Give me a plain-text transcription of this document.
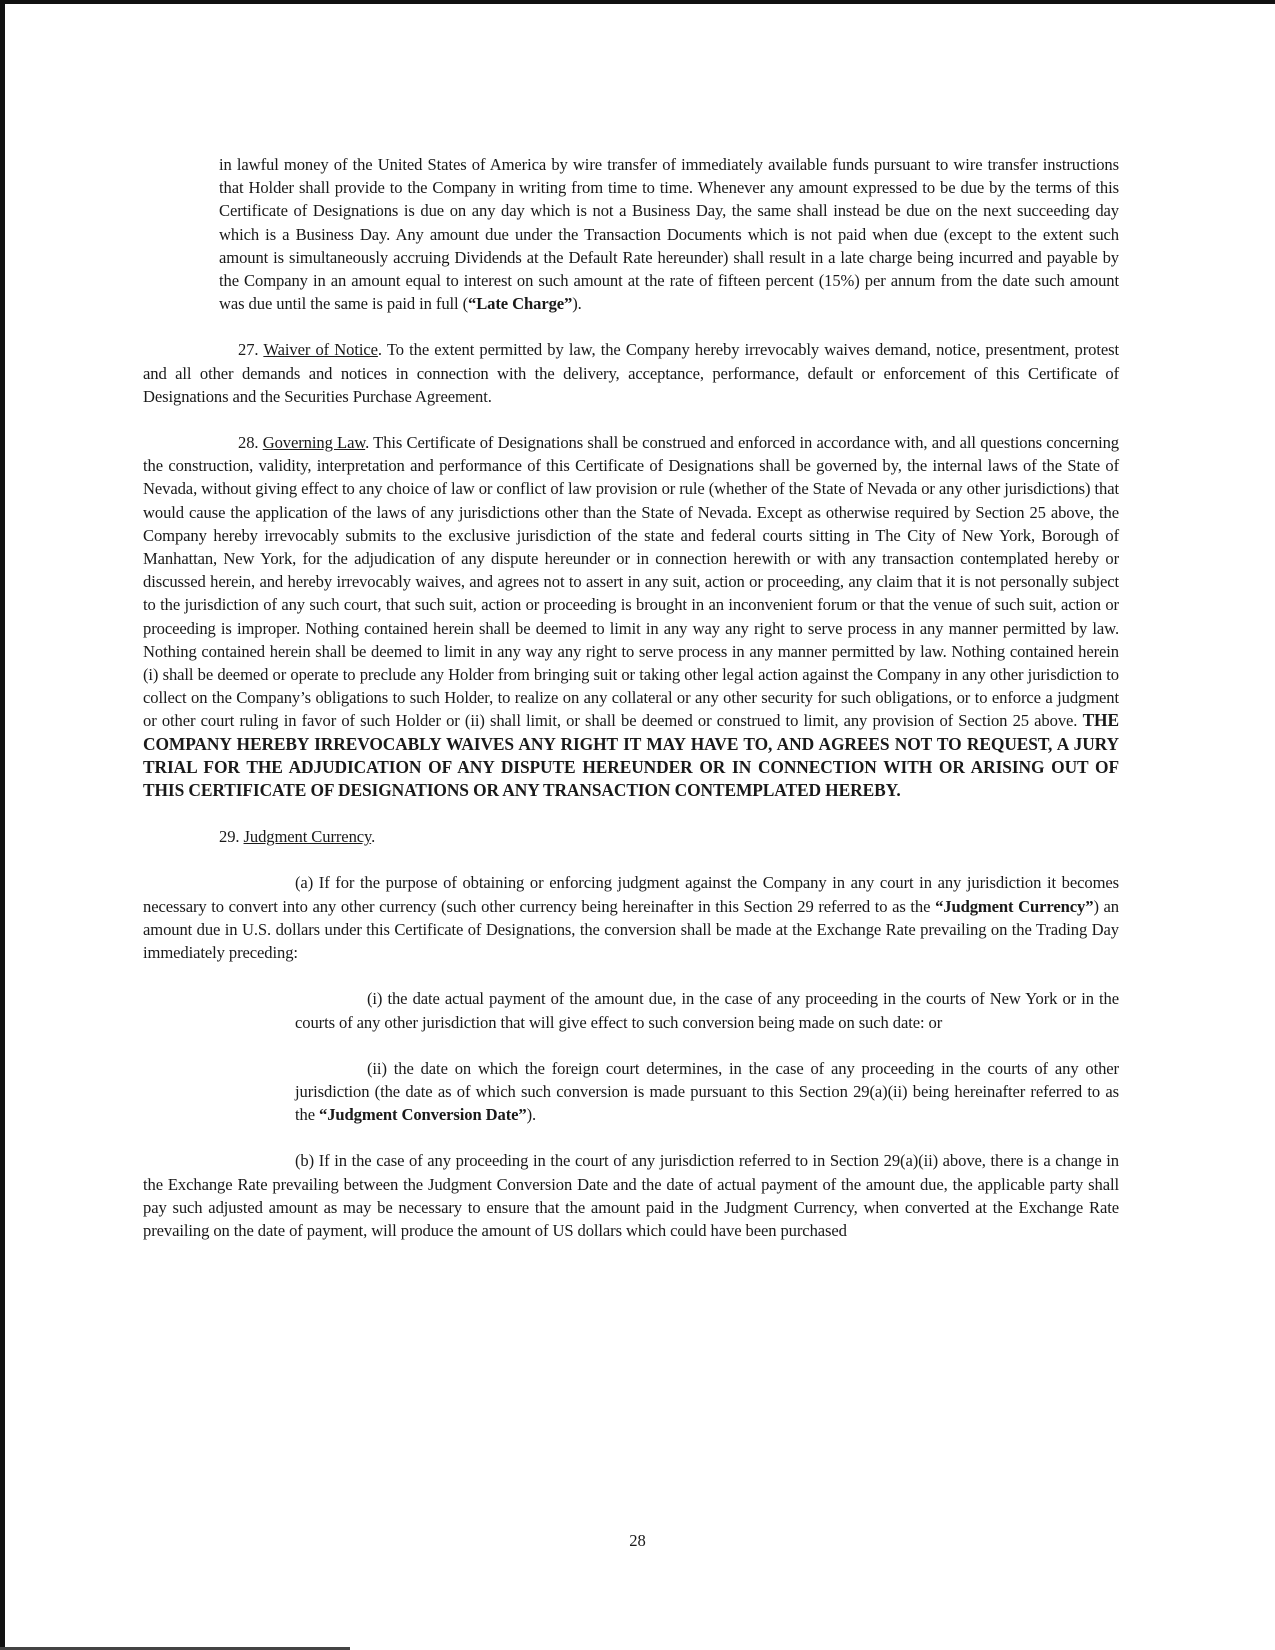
in lawful money of the United States of America by wire transfer of immediately available funds pursuant to wire transfer instructions that Holder shall provide to the Company in writing from time to time. Whenever any amount expressed to be due by the terms of this Certificate of Designations is due on any day which is not a Business Day, the same shall instead be due on the next succeeding day which is a Business Day. Any amount due under the Transaction Documents which is not paid when due (except to the extent such amount is simultaneously accruing Dividends at the Default Rate hereunder) shall result in a late charge being incurred and payable by the Company in an amount equal to interest on such amount at the rate of fifteen percent (15%) per annum from the date such amount was due until the same is paid in full (“Late Charge”).

27. Waiver of Notice. To the extent permitted by law, the Company hereby irrevocably waives demand, notice, presentment, protest and all other demands and notices in connection with the delivery, acceptance, performance, default or enforcement of this Certificate of Designations and the Securities Purchase Agreement.

28. Governing Law. This Certificate of Designations shall be construed and enforced in accordance with, and all questions concerning the construction, validity, interpretation and performance of this Certificate of Designations shall be governed by, the internal laws of the State of Nevada, without giving effect to any choice of law or conflict of law provision or rule (whether of the State of Nevada or any other jurisdictions) that would cause the application of the laws of any jurisdictions other than the State of Nevada. Except as otherwise required by Section 25 above, the Company hereby irrevocably submits to the exclusive jurisdiction of the state and federal courts sitting in The City of New York, Borough of Manhattan, New York, for the adjudication of any dispute hereunder or in connection herewith or with any transaction contemplated hereby or discussed herein, and hereby irrevocably waives, and agrees not to assert in any suit, action or proceeding, any claim that it is not personally subject to the jurisdiction of any such court, that such suit, action or proceeding is brought in an inconvenient forum or that the venue of such suit, action or proceeding is improper. Nothing contained herein shall be deemed to limit in any way any right to serve process in any manner permitted by law. Nothing contained herein shall be deemed to limit in any way any right to serve process in any manner permitted by law. Nothing contained herein (i) shall be deemed or operate to preclude any Holder from bringing suit or taking other legal action against the Company in any other jurisdiction to collect on the Company’s obligations to such Holder, to realize on any collateral or any other security for such obligations, or to enforce a judgment or other court ruling in favor of such Holder or (ii) shall limit, or shall be deemed or construed to limit, any provision of Section 25 above. THE COMPANY HEREBY IRREVOCABLY WAIVES ANY RIGHT IT MAY HAVE TO, AND AGREES NOT TO REQUEST, A JURY TRIAL FOR THE ADJUDICATION OF ANY DISPUTE HEREUNDER OR IN CONNECTION WITH OR ARISING OUT OF THIS CERTIFICATE OF DESIGNATIONS OR ANY TRANSACTION CONTEMPLATED HEREBY.

29. Judgment Currency.

(a) If for the purpose of obtaining or enforcing judgment against the Company in any court in any jurisdiction it becomes necessary to convert into any other currency (such other currency being hereinafter in this Section 29 referred to as the “Judgment Currency”) an amount due in U.S. dollars under this Certificate of Designations, the conversion shall be made at the Exchange Rate prevailing on the Trading Day immediately preceding:

(i) the date actual payment of the amount due, in the case of any proceeding in the courts of New York or in the courts of any other jurisdiction that will give effect to such conversion being made on such date: or

(ii) the date on which the foreign court determines, in the case of any proceeding in the courts of any other jurisdiction (the date as of which such conversion is made pursuant to this Section 29(a)(ii) being hereinafter referred to as the “Judgment Conversion Date”).

(b) If in the case of any proceeding in the court of any jurisdiction referred to in Section 29(a)(ii) above, there is a change in the Exchange Rate prevailing between the Judgment Conversion Date and the date of actual payment of the amount due, the applicable party shall pay such adjusted amount as may be necessary to ensure that the amount paid in the Judgment Currency, when converted at the Exchange Rate prevailing on the date of payment, will produce the amount of US dollars which could have been purchased

28
